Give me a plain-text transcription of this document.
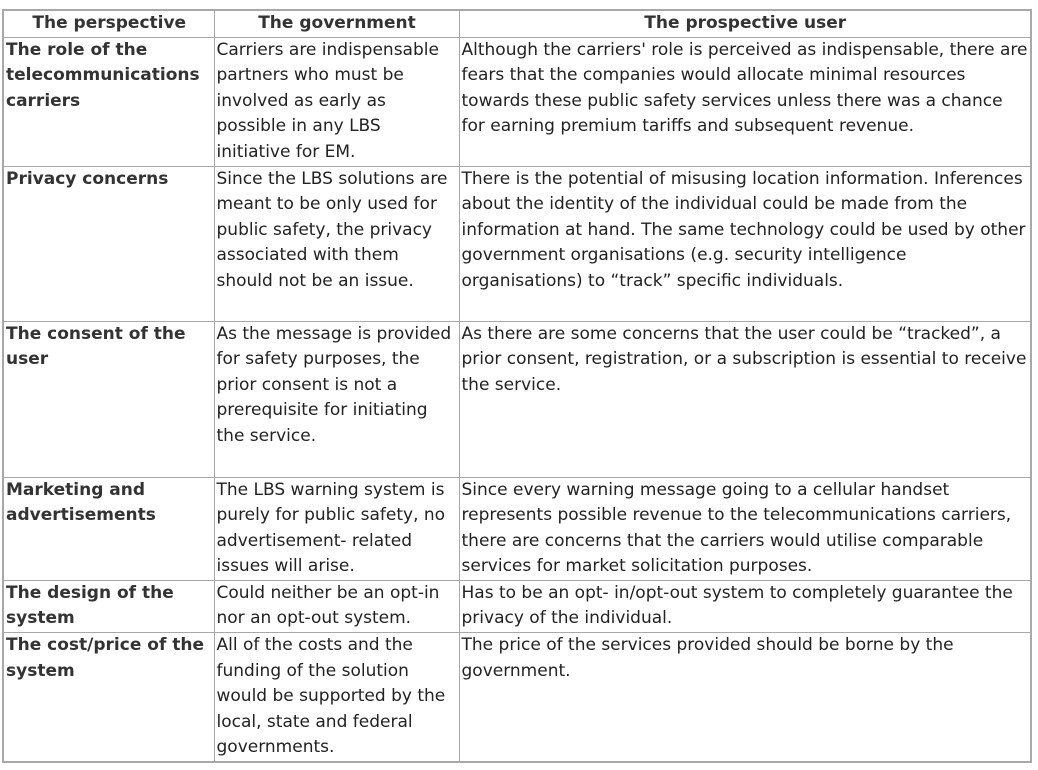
The perspective	The government	The prospective user
The role of the telecommunications carriers	Carriers are indispensable partners who must be involved as early as possible in any LBS initiative for EM.	Although the carriers' role is perceived as indispensable, there are fears that the companies would allocate minimal resources towards these public safety services unless there was a chance for earning premium tariffs and subsequent revenue.
Privacy concerns	Since the LBS solutions are meant to be only used for public safety, the privacy associated with them should not be an issue.	There is the potential of misusing location information. Inferences about the identity of the individual could be made from the information at hand. The same technology could be used by other government organisations (e.g. security intelligence organisations) to “track” specific individuals.
The consent of the user	As the message is provided for safety purposes, the prior consent is not a prerequisite for initiating the service.	As there are some concerns that the user could be “tracked”, a prior consent, registration, or a subscription is essential to receive the service.
Marketing and advertisements	The LBS warning system is purely for public safety, no advertisement- related issues will arise.	Since every warning message going to a cellular handset represents possible revenue to the telecommunications carriers, there are concerns that the carriers would utilise comparable services for market solicitation purposes.
The design of the system	Could neither be an opt-in nor an opt-out system.	Has to be an opt- in/opt-out system to completely guarantee the privacy of the individual.
The cost/price of the system	All of the costs and the funding of the solution would be supported by the local, state and federal governments.	The price of the services provided should be borne by the government.
